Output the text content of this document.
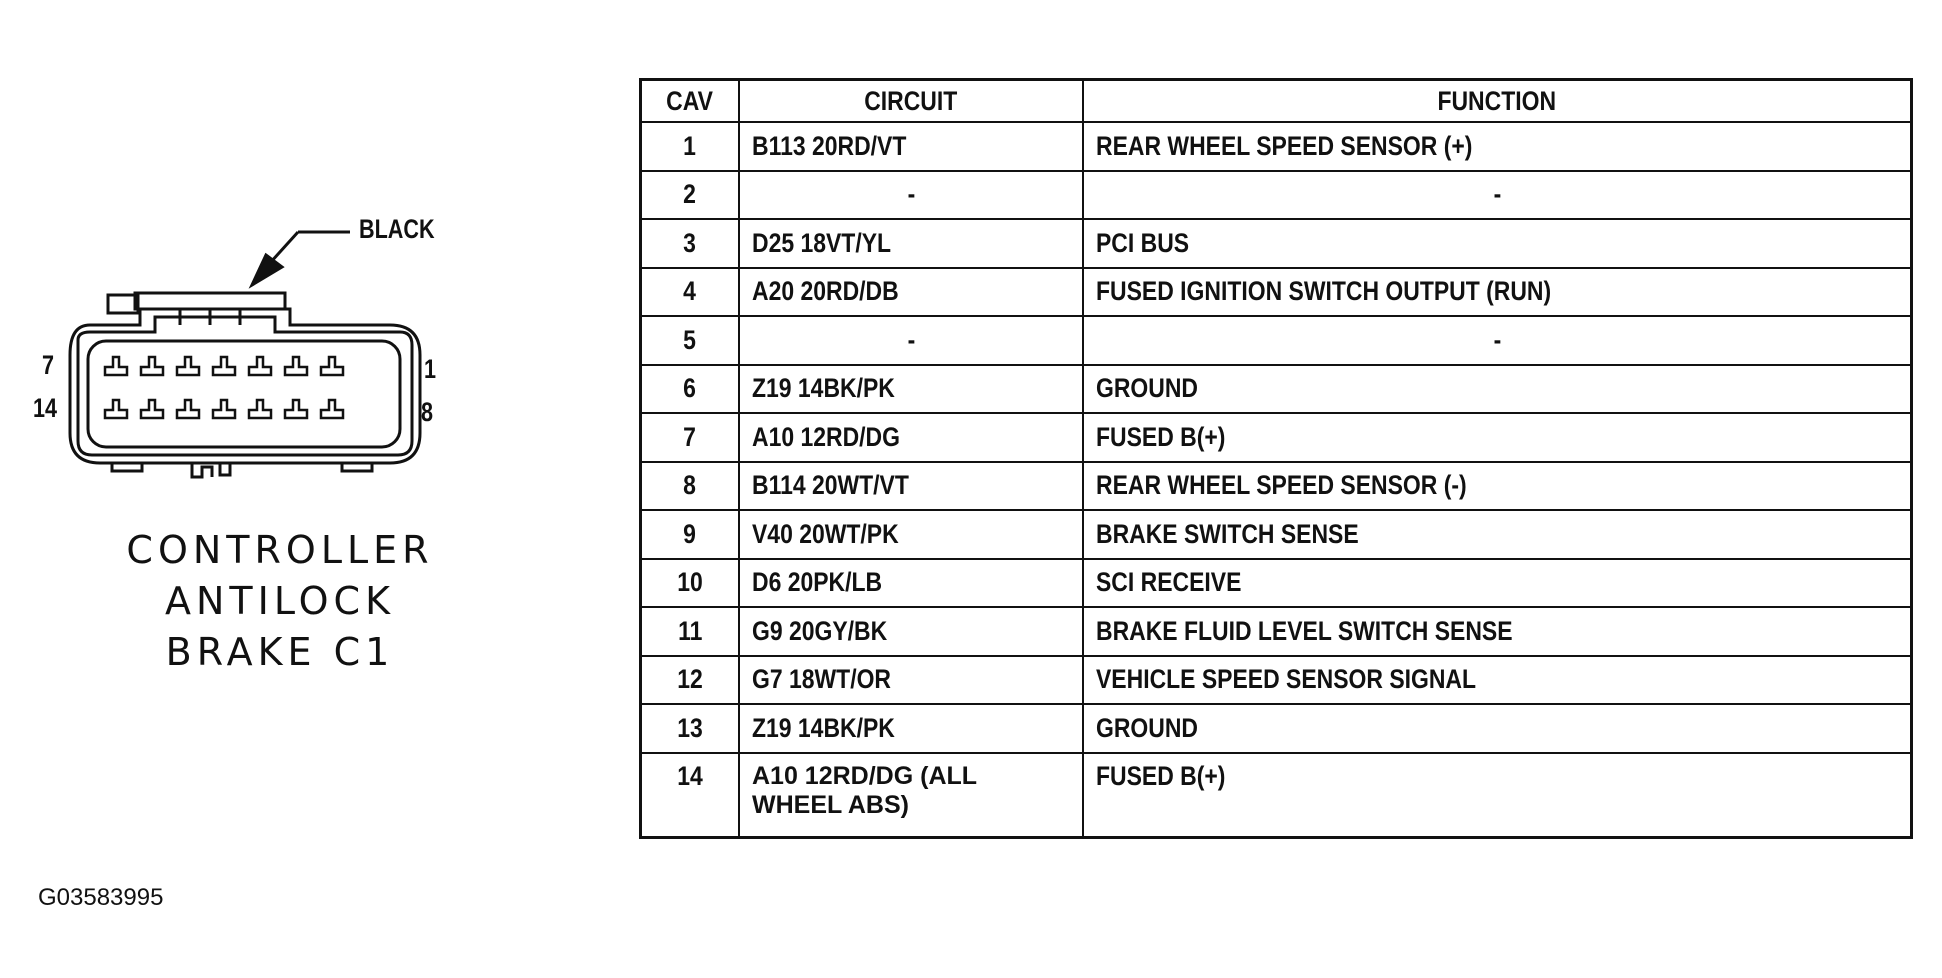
BLACK
7
14
1
8
CONTROLLER
ANTILOCK
BRAKE C1
G03583995
CAV	CIRCUIT	FUNCTION
1	B113 20RD/VT	REAR WHEEL SPEED SENSOR (+)
2	-	-
3	D25 18VT/YL	PCI BUS
4	A20 20RD/DB	FUSED IGNITION SWITCH OUTPUT (RUN)
5	-	-
6	Z19 14BK/PK	GROUND
7	A10 12RD/DG	FUSED B(+)
8	B114 20WT/VT	REAR WHEEL SPEED SENSOR (-)
9	V40 20WT/PK	BRAKE SWITCH SENSE
10	D6 20PK/LB	SCI RECEIVE
11	G9 20GY/BK	BRAKE FLUID LEVEL SWITCH SENSE
12	G7 18WT/OR	VEHICLE SPEED SENSOR SIGNAL
13	Z19 14BK/PK	GROUND
14	A10 12RD/DG (ALL WHEEL ABS)	FUSED B(+)
